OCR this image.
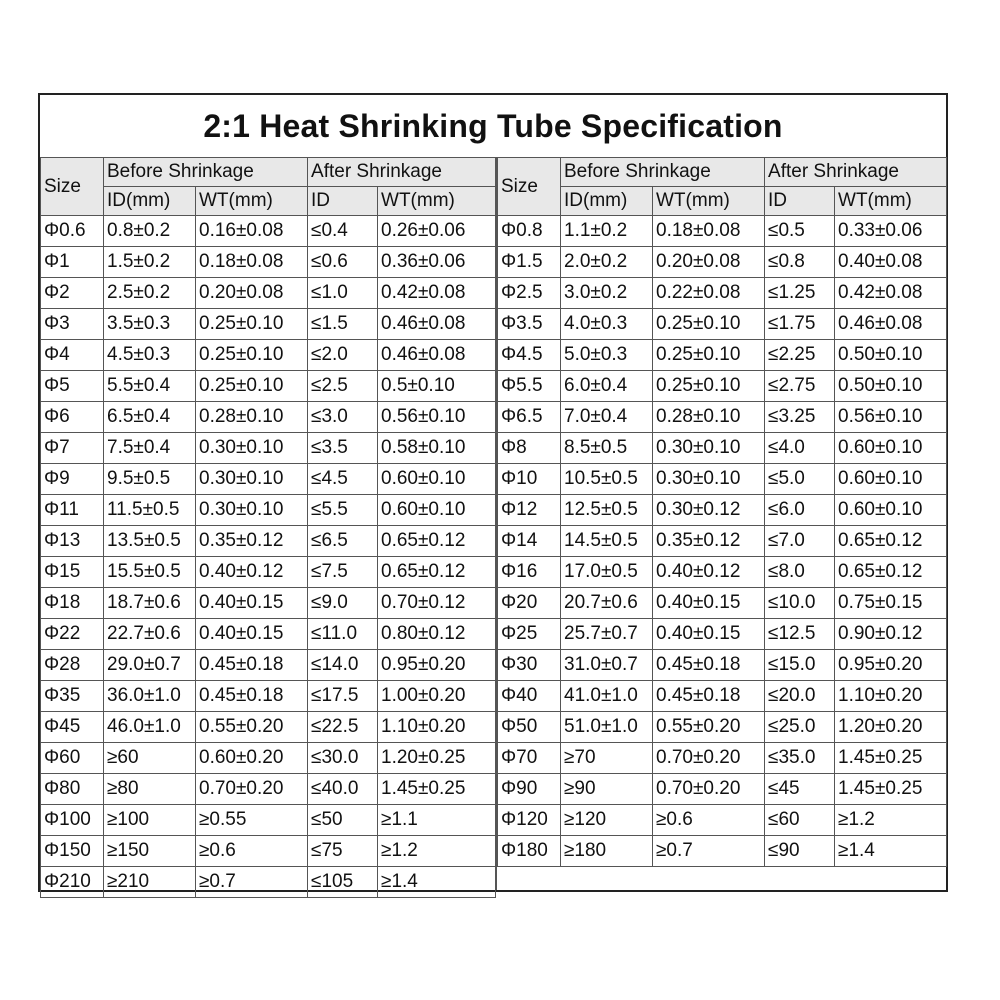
2:1 Heat Shrinking Tube Specification
Size	Before Shrinkage		After Shrinkage	
	ID(mm)	WT(mm)	ID	WT(mm)
Φ0.6	0.8±0.2	0.16±0.08	≤0.4	0.26±0.06
Φ1	1.5±0.2	0.18±0.08	≤0.6	0.36±0.06
Φ2	2.5±0.2	0.20±0.08	≤1.0	0.42±0.08
Φ3	3.5±0.3	0.25±0.10	≤1.5	0.46±0.08
Φ4	4.5±0.3	0.25±0.10	≤2.0	0.46±0.08
Φ5	5.5±0.4	0.25±0.10	≤2.5	0.5±0.10
Φ6	6.5±0.4	0.28±0.10	≤3.0	0.56±0.10
Φ7	7.5±0.4	0.30±0.10	≤3.5	0.58±0.10
Φ9	9.5±0.5	0.30±0.10	≤4.5	0.60±0.10
Φ11	11.5±0.5	0.30±0.10	≤5.5	0.60±0.10
Φ13	13.5±0.5	0.35±0.12	≤6.5	0.65±0.12
Φ15	15.5±0.5	0.40±0.12	≤7.5	0.65±0.12
Φ18	18.7±0.6	0.40±0.15	≤9.0	0.70±0.12
Φ22	22.7±0.6	0.40±0.15	≤11.0	0.80±0.12
Φ28	29.0±0.7	0.45±0.18	≤14.0	0.95±0.20
Φ35	36.0±1.0	0.45±0.18	≤17.5	1.00±0.20
Φ45	46.0±1.0	0.55±0.20	≤22.5	1.10±0.20
Φ60	≥60	0.60±0.20	≤30.0	1.20±0.25
Φ80	≥80	0.70±0.20	≤40.0	1.45±0.25
Φ100	≥100	≥0.55	≤50	≥1.1
Φ150	≥150	≥0.6	≤75	≥1.2
Φ210	≥210	≥0.7	≤105	≥1.4
Size	Before Shrinkage		After Shrinkage	
	ID(mm)	WT(mm)	ID	WT(mm)
Φ0.8	1.1±0.2	0.18±0.08	≤0.5	0.33±0.06
Φ1.5	2.0±0.2	0.20±0.08	≤0.8	0.40±0.08
Φ2.5	3.0±0.2	0.22±0.08	≤1.25	0.42±0.08
Φ3.5	4.0±0.3	0.25±0.10	≤1.75	0.46±0.08
Φ4.5	5.0±0.3	0.25±0.10	≤2.25	0.50±0.10
Φ5.5	6.0±0.4	0.25±0.10	≤2.75	0.50±0.10
Φ6.5	7.0±0.4	0.28±0.10	≤3.25	0.56±0.10
Φ8	8.5±0.5	0.30±0.10	≤4.0	0.60±0.10
Φ10	10.5±0.5	0.30±0.10	≤5.0	0.60±0.10
Φ12	12.5±0.5	0.30±0.12	≤6.0	0.60±0.10
Φ14	14.5±0.5	0.35±0.12	≤7.0	0.65±0.12
Φ16	17.0±0.5	0.40±0.12	≤8.0	0.65±0.12
Φ20	20.7±0.6	0.40±0.15	≤10.0	0.75±0.15
Φ25	25.7±0.7	0.40±0.15	≤12.5	0.90±0.12
Φ30	31.0±0.7	0.45±0.18	≤15.0	0.95±0.20
Φ40	41.0±1.0	0.45±0.18	≤20.0	1.10±0.20
Φ50	51.0±1.0	0.55±0.20	≤25.0	1.20±0.20
Φ70	≥70	0.70±0.20	≤35.0	1.45±0.25
Φ90	≥90	0.70±0.20	≤45	1.45±0.25
Φ120	≥120	≥0.6	≤60	≥1.2
Φ180	≥180	≥0.7	≤90	≥1.4
